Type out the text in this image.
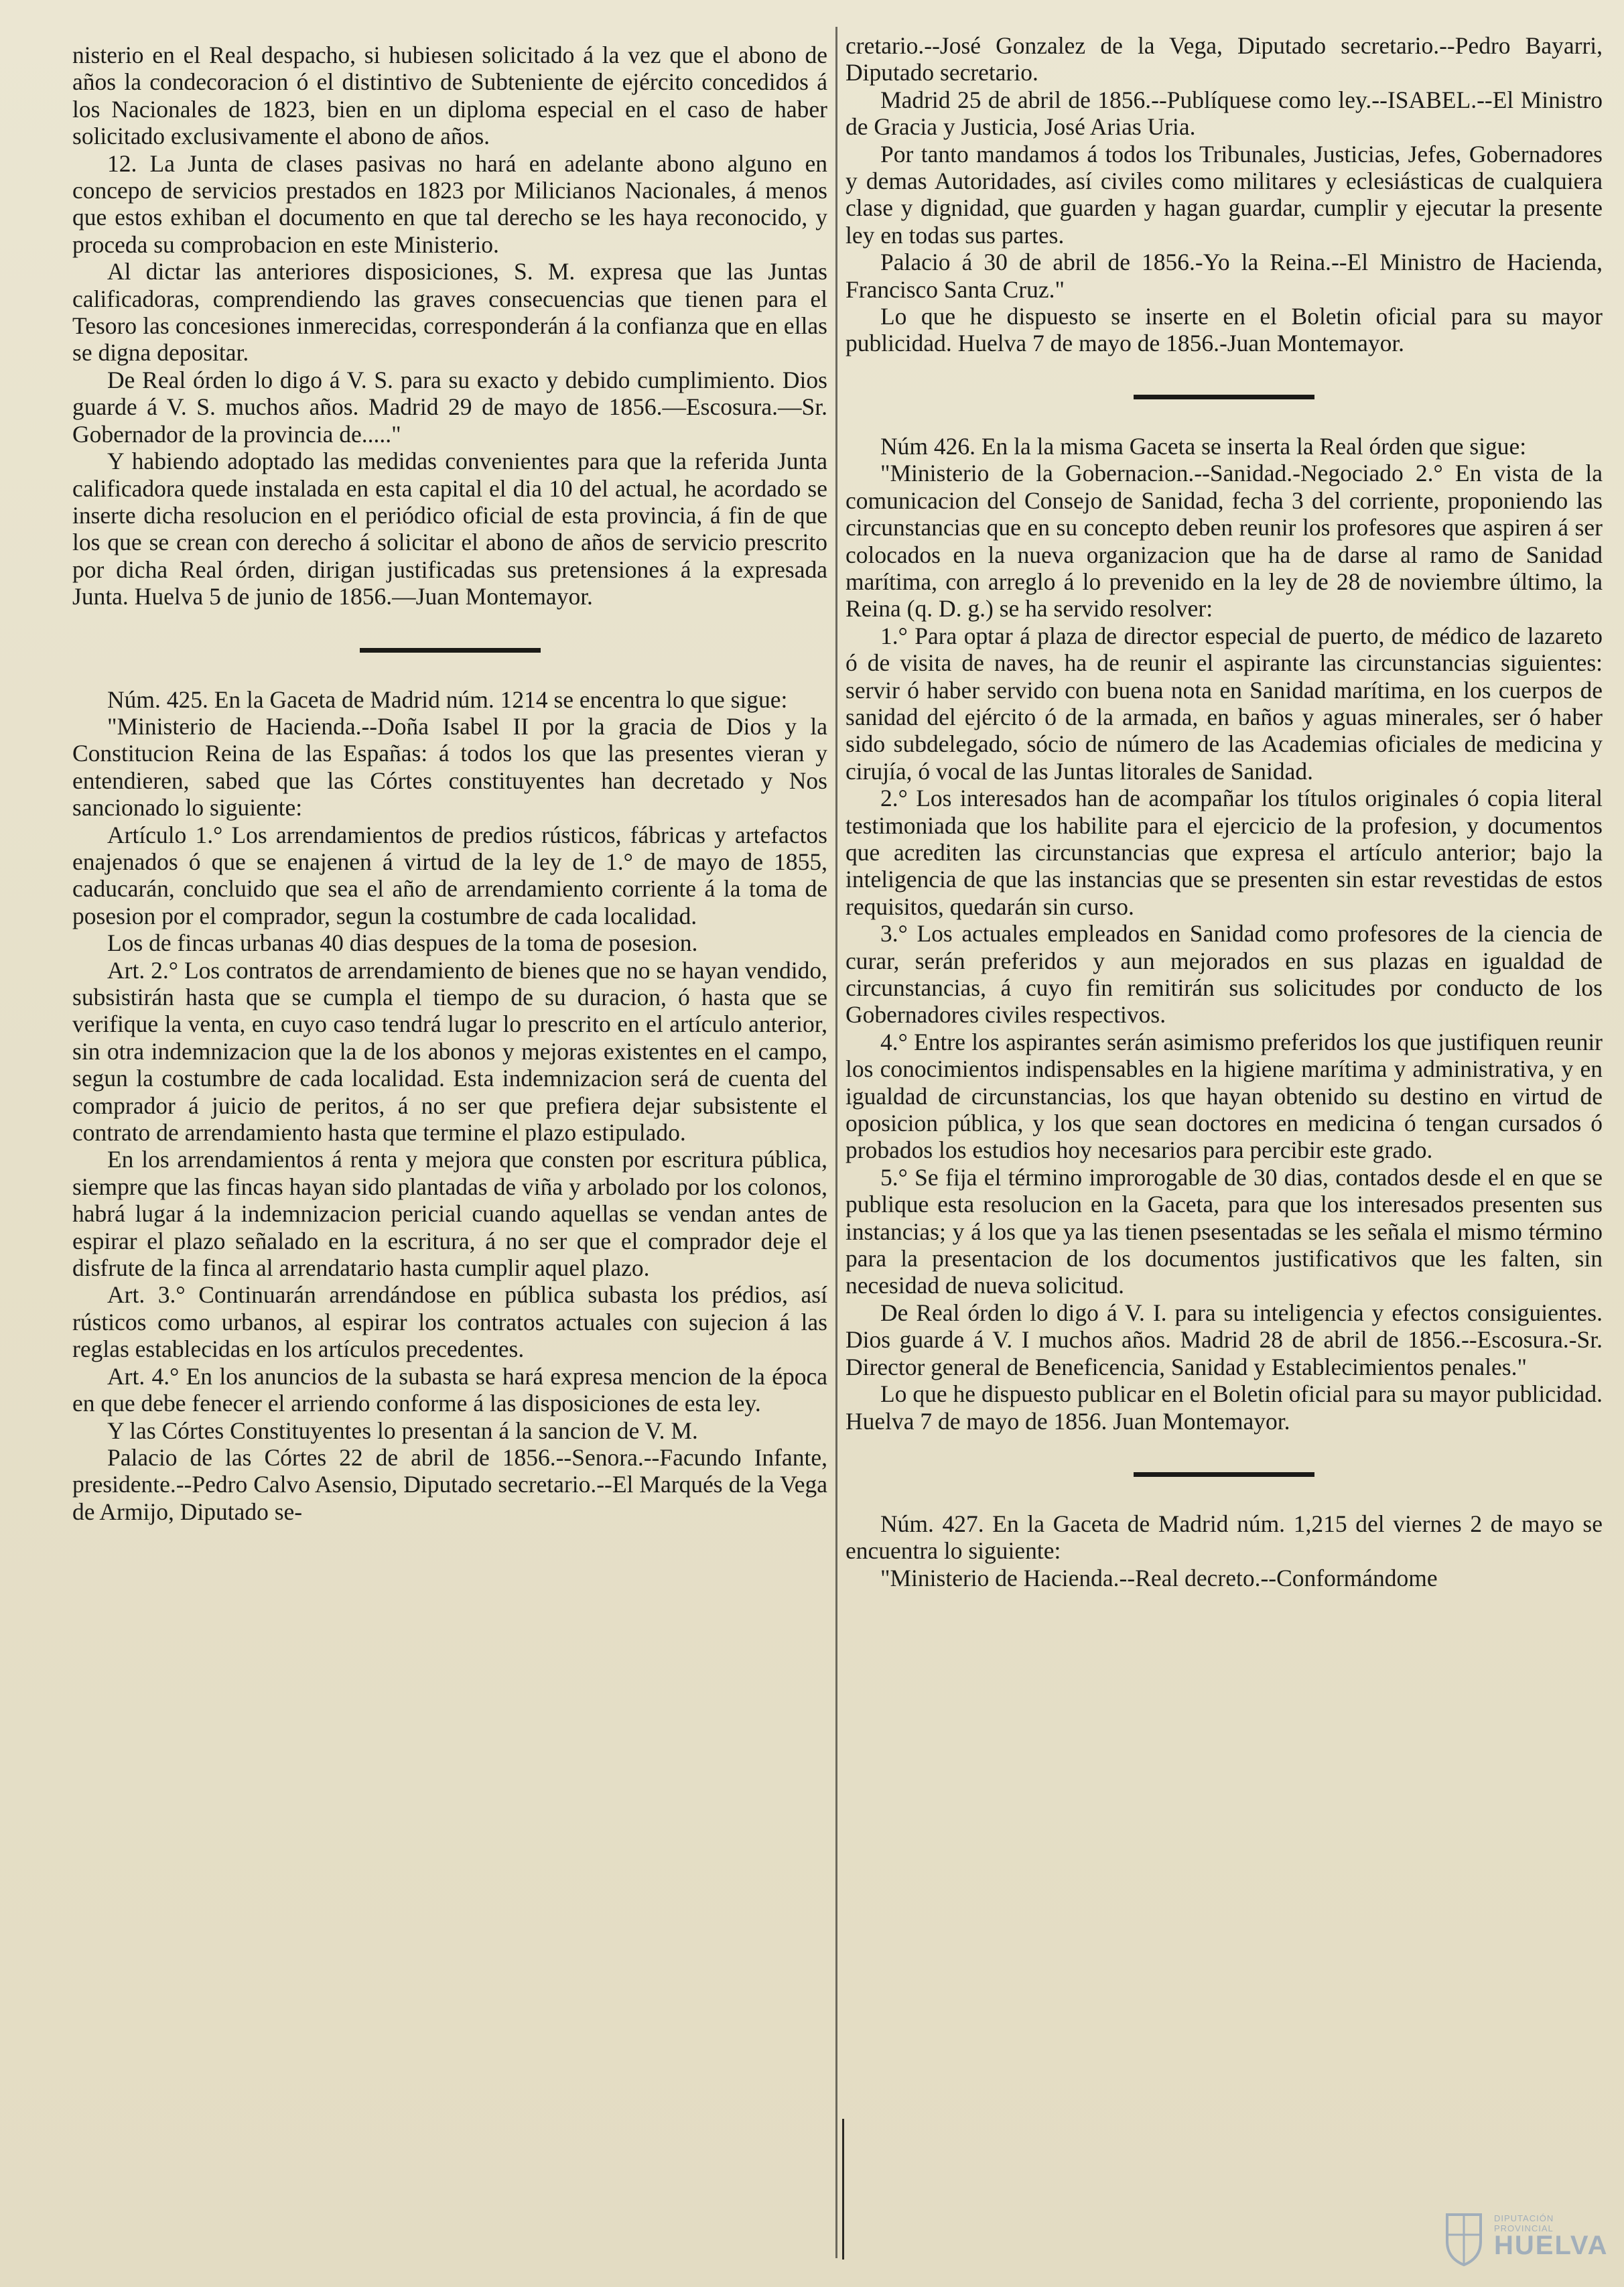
nisterio en el Real despacho, si hubiesen solicitado á la vez que el abono de años la condecoracion ó el distintivo de Subteniente de ejército concedidos á los Nacionales de 1823, bien en un diploma especial en el caso de haber solicitado exclusivamente el abono de años.

12. La Junta de clases pasivas no hará en adelante abono alguno en concepo de servicios prestados en 1823 por Milicianos Nacionales, á menos que estos exhiban el documento en que tal derecho se les haya reconocido, y proceda su comprobacion en este Ministerio.

Al dictar las anteriores disposiciones, S. M. expresa que las Juntas calificadoras, comprendiendo las graves consecuencias que tienen para el Tesoro las concesiones inmerecidas, corresponderán á la confianza que en ellas se digna depositar.

De Real órden lo digo á V. S. para su exacto y debido cumplimiento. Dios guarde á V. S. muchos años. Madrid 29 de mayo de 1856.—Escosura.—Sr. Gobernador de la provincia de....."

Y habiendo adoptado las medidas convenientes para que la referida Junta calificadora quede instalada en esta capital el dia 10 del actual, he acordado se inserte dicha resolucion en el periódico oficial de esta provincia, á fin de que los que se crean con derecho á solicitar el abono de años de servicio prescrito por dicha Real órden, dirigan justificadas sus pretensiones á la expresada Junta. Huelva 5 de junio de 1856.—Juan Montemayor.

Núm. 425. En la Gaceta de Madrid núm. 1214 se encentra lo que sigue:

"Ministerio de Hacienda.--Doña Isabel II por la gracia de Dios y la Constitucion Reina de las Españas: á todos los que las presentes vieran y entendieren, sabed que las Córtes constituyentes han decretado y Nos sancionado lo siguiente:

Artículo 1.° Los arrendamientos de predios rústicos, fábricas y artefactos enajenados ó que se enajenen á virtud de la ley de 1.° de mayo de 1855, caducarán, concluido que sea el año de arrendamiento corriente á la toma de posesion por el comprador, segun la costumbre de cada localidad.

Los de fincas urbanas 40 dias despues de la toma de posesion.

Art. 2.° Los contratos de arrendamiento de bienes que no se hayan vendido, subsistirán hasta que se cumpla el tiempo de su duracion, ó hasta que se verifique la venta, en cuyo caso tendrá lugar lo prescrito en el artículo anterior, sin otra indemnizacion que la de los abonos y mejoras existentes en el campo, segun la costumbre de cada localidad. Esta indemnizacion será de cuenta del comprador á juicio de peritos, á no ser que prefiera dejar subsistente el contrato de arrendamiento hasta que termine el plazo estipulado.

En los arrendamientos á renta y mejora que consten por escritura pública, siempre que las fincas hayan sido plantadas de viña y arbolado por los colonos, habrá lugar á la indemnizacion pericial cuando aquellas se vendan antes de espirar el plazo señalado en la escritura, á no ser que el comprador deje el disfrute de la finca al arrendatario hasta cumplir aquel plazo.

Art. 3.° Continuarán arrendándose en pública subasta los prédios, así rústicos como urbanos, al espirar los contratos actuales con sujecion á las reglas establecidas en los artículos precedentes.

Art. 4.° En los anuncios de la subasta se hará expresa mencion de la época en que debe fenecer el arriendo conforme á las disposiciones de esta ley.

Y las Córtes Constituyentes lo presentan á la sancion de V. M.

Palacio de las Córtes 22 de abril de 1856.--Senora.--Facundo Infante, presidente.--Pedro Calvo Asensio, Diputado secretario.--El Marqués de la Vega de Armijo, Diputado se-

cretario.--José Gonzalez de la Vega, Diputado secretario.--Pedro Bayarri, Diputado secretario.

Madrid 25 de abril de 1856.--Publíquese como ley.--ISABEL.--El Ministro de Gracia y Justicia, José Arias Uria.

Por tanto mandamos á todos los Tribunales, Justicias, Jefes, Gobernadores y demas Autoridades, así civiles como militares y eclesiásticas de cualquiera clase y dignidad, que guarden y hagan guardar, cumplir y ejecutar la presente ley en todas sus partes.

Palacio á 30 de abril de 1856.-Yo la Reina.--El Ministro de Hacienda, Francisco Santa Cruz."

Lo que he dispuesto se inserte en el Boletin oficial para su mayor publicidad. Huelva 7 de mayo de 1856.-Juan Montemayor.

Núm 426. En la la misma Gaceta se inserta la Real órden que sigue:

"Ministerio de la Gobernacion.--Sanidad.-Negociado 2.° En vista de la comunicacion del Consejo de Sanidad, fecha 3 del corriente, proponiendo las circunstancias que en su concepto deben reunir los profesores que aspiren á ser colocados en la nueva organizacion que ha de darse al ramo de Sanidad marítima, con arreglo á lo prevenido en la ley de 28 de noviembre último, la Reina (q. D. g.) se ha servido resolver:

1.° Para optar á plaza de director especial de puerto, de médico de lazareto ó de visita de naves, ha de reunir el aspirante las circunstancias siguientes: servir ó haber servido con buena nota en Sanidad marítima, en los cuerpos de sanidad del ejército ó de la armada, en baños y aguas minerales, ser ó haber sido subdelegado, sócio de número de las Academias oficiales de medicina y cirujía, ó vocal de las Juntas litorales de Sanidad.

2.° Los interesados han de acompañar los títulos originales ó copia literal testimoniada que los habilite para el ejercicio de la profesion, y documentos que acrediten las circunstancias que expresa el artículo anterior; bajo la inteligencia de que las instancias que se presenten sin estar revestidas de estos requisitos, quedarán sin curso.

3.° Los actuales empleados en Sanidad como profesores de la ciencia de curar, serán preferidos y aun mejorados en sus plazas en igualdad de circunstancias, á cuyo fin remitirán sus solicitudes por conducto de los Gobernadores civiles respectivos.

4.° Entre los aspirantes serán asimismo preferidos los que justifiquen reunir los conocimientos indispensables en la higiene marítima y administrativa, y en igualdad de circunstancias, los que hayan obtenido su destino en virtud de oposicion pública, y los que sean doctores en medicina ó tengan cursados ó probados los estudios hoy necesarios para percibir este grado.

5.° Se fija el término improrogable de 30 dias, contados desde el en que se publique esta resolucion en la Gaceta, para que los interesados presenten sus instancias; y á los que ya las tienen psesentadas se les señala el mismo término para la presentacion de los documentos justificativos que les falten, sin necesidad de nueva solicitud.

De Real órden lo digo á V. I. para su inteligencia y efectos consiguientes. Dios guarde á V. I muchos años. Madrid 28 de abril de 1856.--Escosura.-Sr. Director general de Beneficencia, Sanidad y Establecimientos penales."

Lo que he dispuesto publicar en el Boletin oficial para su mayor publicidad. Huelva 7 de mayo de 1856. Juan Montemayor.

Núm. 427. En la Gaceta de Madrid núm. 1,215 del viernes 2 de mayo se encuentra lo siguiente:

"Ministerio de Hacienda.--Real decreto.--Conformándome

DIPUTACIÓN PROVINCIAL
HUELVA
